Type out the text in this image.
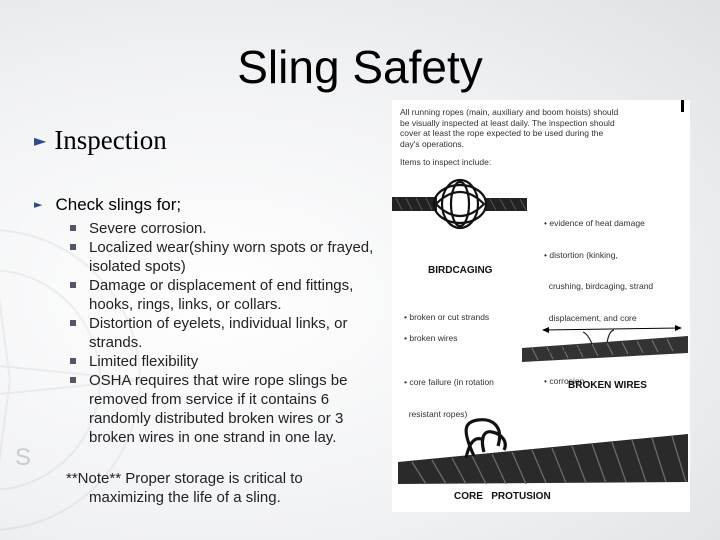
S
Sling Safety
► Inspection
► Check slings for;
Severe corrosion.
Localized wear(shiny worn spots or frayed, isolated spots)
Damage or displacement of end fittings, hooks, rings, links, or collars.
Distortion of eyelets, individual links, or strands.
Limited flexibility
OSHA requires that wire rope slings be removed from service if it contains 6 randomly distributed broken wires or 3 broken wires in one strand in one lay.
**Note** Proper storage is critical to
maximizing the life of a sling.
All running ropes (main, auxiliary and boom hoists) should
be visually inspected at least daily. The inspection should
cover at least the rope expected to be used during the
day's operations.
Items to inspect include:

• evidence of heat damage

• distortion (kinking,

crushing, birdcaging, strand

displacement, and core

protrusion)

• corrosion

BIRDCAGING
• broken or cut strands
• broken wires

• core failure (in rotation

resistant ropes)

BROKEN WIRES
CORE   PROTUSION
